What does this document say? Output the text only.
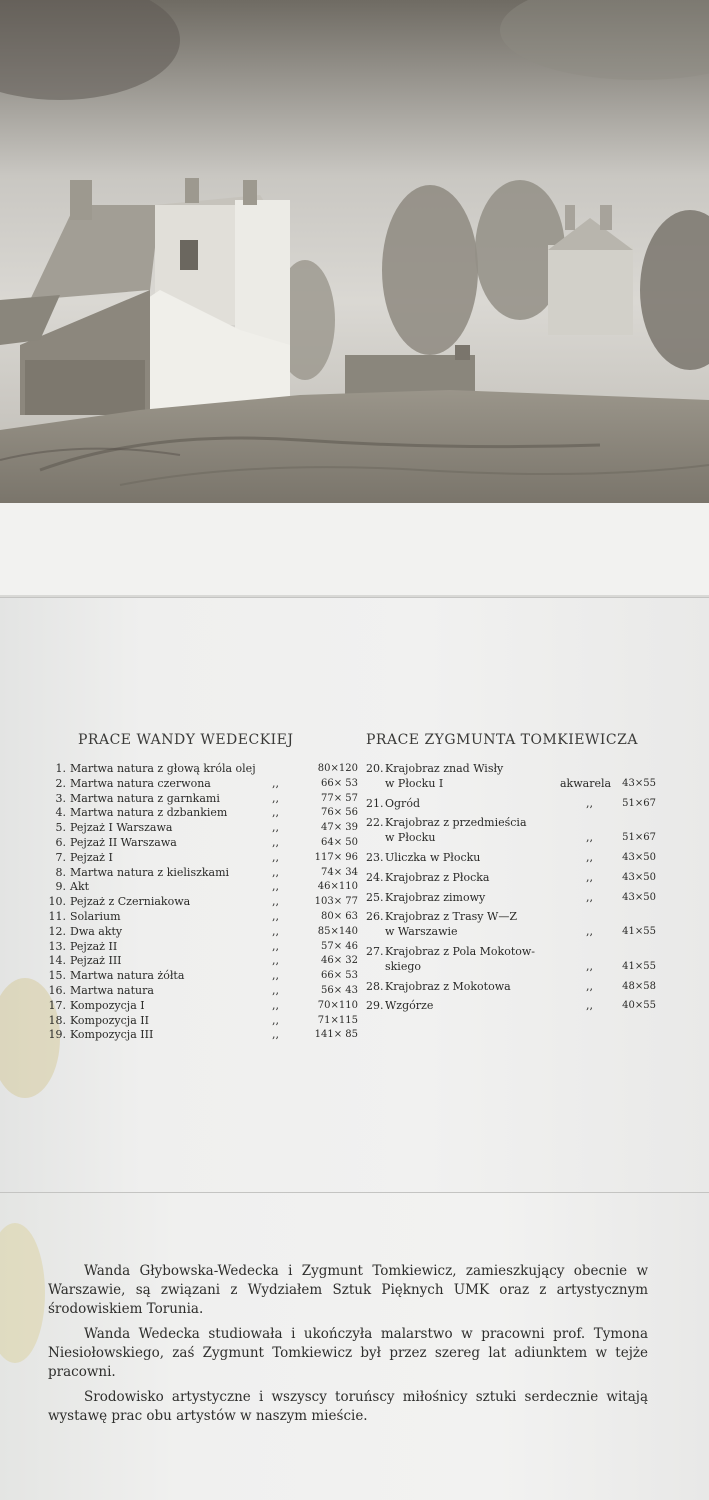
PRACE WANDY WEDECKIEJ	PRACE ZYGMUNTA TOMKIEWICZA
1. Martwa natura z głową króla olej	80×120
2. Martwa natura czerwona	,,	66× 53
3. Martwa natura z garnkami	,,	77× 57
4. Martwa natura z dzbankiem	,,	76× 56
5. Pejzaż I Warszawa	,,	47× 39
6. Pejzaż II Warszawa	,,	64× 50
7. Pejzaż I	,,	117× 96
8. Martwa natura z kieliszkami	,,	74× 34
9. Akt	,,	46×110
10. Pejzaż z Czerniakowa	,,	103× 77
11. Solarium	,,	80× 63
12. Dwa akty	,,	85×140
13. Pejzaż II	,,	57× 46
14. Pejzaż III	,,	46× 32
15. Martwa natura żółta	,,	66× 53
16. Martwa natura	,,	56× 43
17. Kompozycja I	,,	70×110
18. Kompozycja II	,,	71×115
19. Kompozycja III	,,	141× 85
20. Krajobraz znad Wisły
w Płocku I	akwarela	43×55
21. Ogród	,,	51×67
22. Krajobraz z przedmieścia
w Płocku	,,	51×67
23. Uliczka w Płocku	,,	43×50
24. Krajobraz z Płocka	,,	43×50
25. Krajobraz zimowy	,,	43×50
26. Krajobraz z Trasy W—Z
w Warszawie	,,	41×55
27. Krajobraz z Pola Mokotow-
skiego	,,	41×55
28. Krajobraz z Mokotowa	,,	48×58
29. Wzgórze	,,	40×55

Wanda Głybowska-Wedecka i Zygmunt Tomkiewicz, zamieszkujący obecnie w Warszawie, są związani z Wydziałem Sztuk Pięknych UMK oraz z artystycznym środowiskiem Torunia.

Wanda Wedecka studiowała i ukończyła malarstwo w pracowni prof. Tymona Niesiołowskiego, zaś Zygmunt Tomkiewicz był przez szereg lat adiunktem w tejże pracowni.

Srodowisko artystyczne i wszyscy toruńscy miłośnicy sztuki serdecznie witają wystawę prac obu artystów w naszym mieście.
